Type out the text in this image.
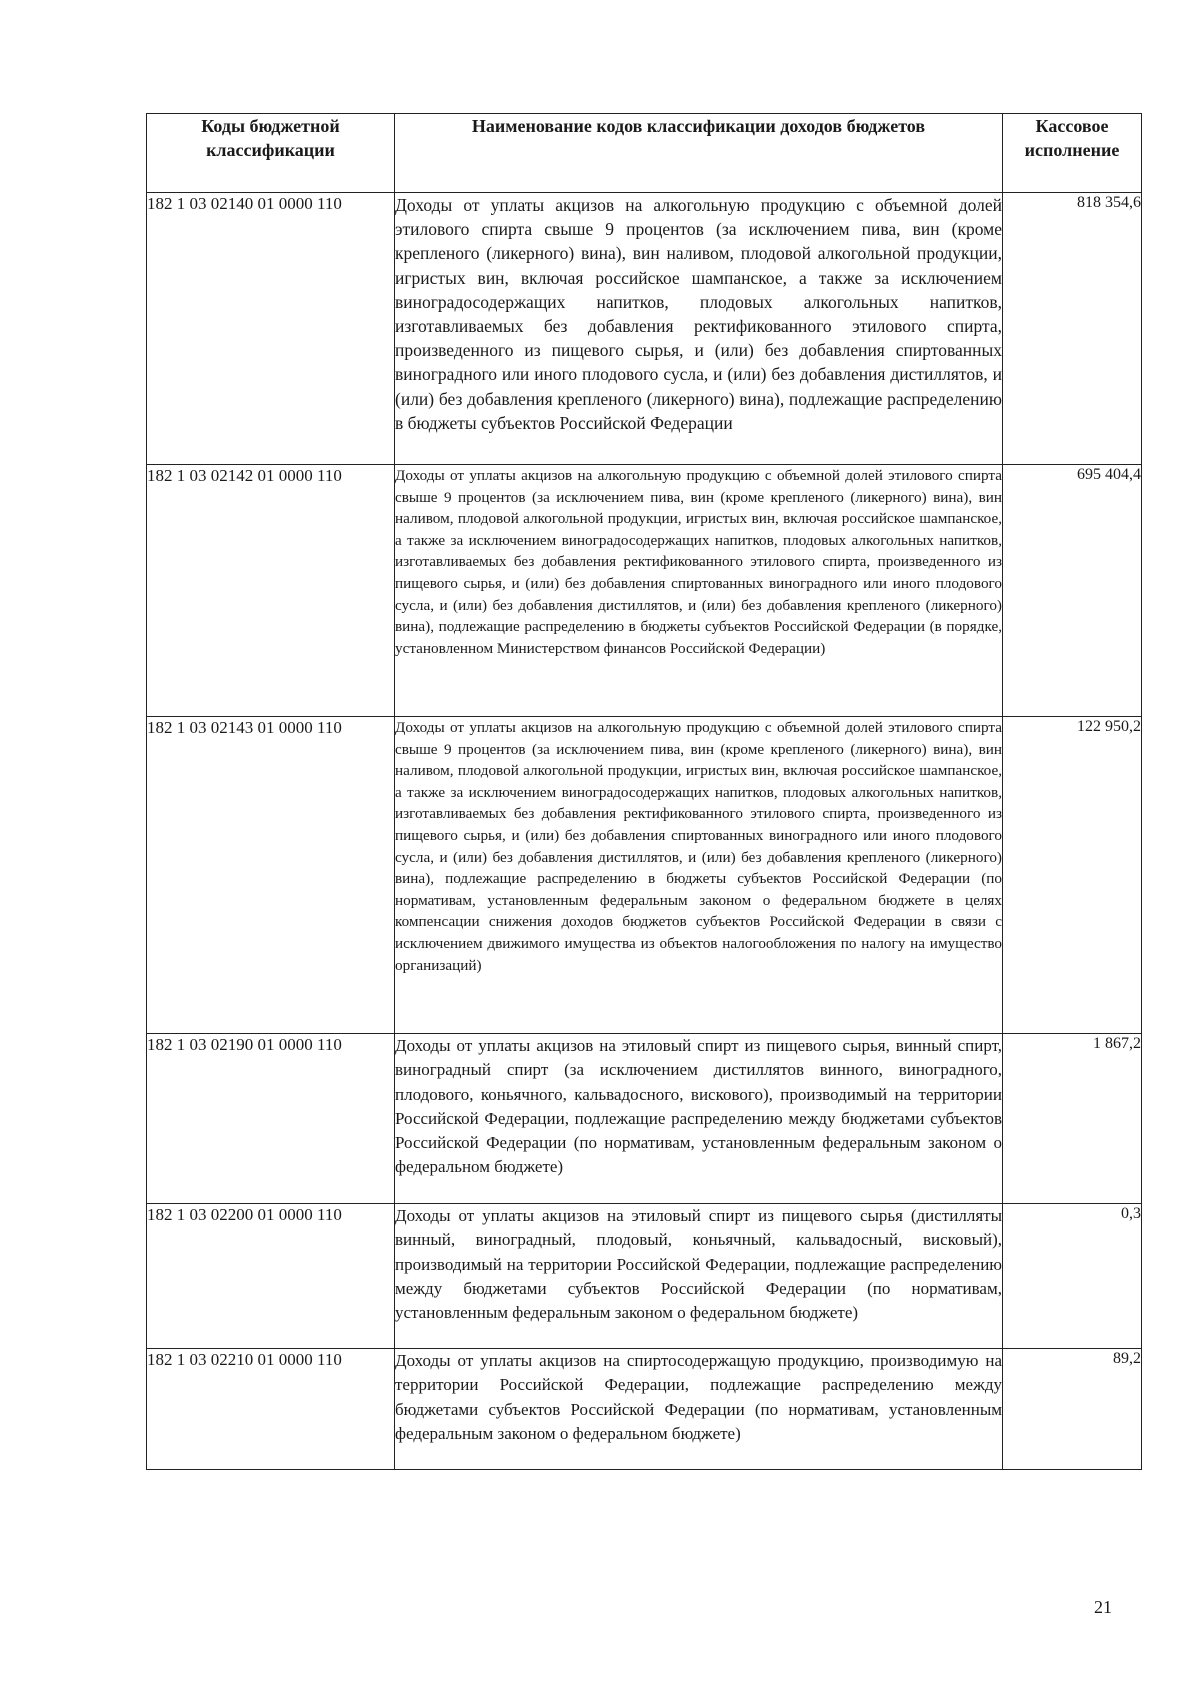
Коды бюджетной классификации	Наименование кодов классификации доходов бюджетов	Кассовое исполнение
182 1 03 02140 01 0000 110	Доходы от уплаты акцизов на алкогольную продукцию с объемной долей этилового спирта свыше 9 процентов (за исключением пива, вин (кроме крепленого (ликерного) вина), вин наливом, плодовой алкогольной продукции, игристых вин, включая российское шампанское, а также за исключением виноградосодержащих напитков, плодовых алкогольных напитков, изготавливаемых без добавления ректификованного этилового спирта, произведенного из пищевого сырья, и (или) без добавления спиртованных виноградного или иного плодового сусла, и (или) без добавления дистиллятов, и (или) без добавления крепленого (ликерного) вина), подлежащие распределению в бюджеты субъектов Российской Федерации	818 354,6
182 1 03 02142 01 0000 110	Доходы от уплаты акцизов на алкогольную продукцию с объемной долей этилового спирта свыше 9 процентов (за исключением пива, вин (кроме крепленого (ликерного) вина), вин наливом, плодовой алкогольной продукции, игристых вин, включая российское шампанское, а также за исключением виноградосодержащих напитков, плодовых алкогольных напитков, изготавливаемых без добавления ректификованного этилового спирта, произведенного из пищевого сырья, и (или) без добавления спиртованных виноградного или иного плодового сусла, и (или) без добавления дистиллятов, и (или) без добавления крепленого (ликерного) вина), подлежащие распределению в бюджеты субъектов Российской Федерации (в порядке, установленном Министерством финансов Российской Федерации)	695 404,4
182 1 03 02143 01 0000 110	Доходы от уплаты акцизов на алкогольную продукцию с объемной долей этилового спирта свыше 9 процентов (за исключением пива, вин (кроме крепленого (ликерного) вина), вин наливом, плодовой алкогольной продукции, игристых вин, включая российское шампанское, а также за исключением виноградосодержащих напитков, плодовых алкогольных напитков, изготавливаемых без добавления ректификованного этилового спирта, произведенного из пищевого сырья, и (или) без добавления спиртованных виноградного или иного плодового сусла, и (или) без добавления дистиллятов, и (или) без добавления крепленого (ликерного) вина), подлежащие распределению в бюджеты субъектов Российской Федерации (по нормативам, установленным федеральным законом о федеральном бюджете в целях компенсации снижения доходов бюджетов субъектов Российской Федерации в связи с исключением движимого имущества из объектов налогообложения по налогу на имущество организаций)	122 950,2
182 1 03 02190 01 0000 110	Доходы от уплаты акцизов на этиловый спирт из пищевого сырья, винный спирт, виноградный спирт (за исключением дистиллятов винного, виноградного, плодового, коньячного, кальвадосного, вискового), производимый на территории Российской Федерации, подлежащие распределению между бюджетами субъектов Российской Федерации (по нормативам, установленным федеральным законом о федеральном бюджете)	1 867,2
182 1 03 02200 01 0000 110	Доходы от уплаты акцизов на этиловый спирт из пищевого сырья (дистилляты винный, виноградный, плодовый, коньячный, кальвадосный, висковый), производимый на территории Российской Федерации, подлежащие распределению между бюджетами субъектов Российской Федерации (по нормативам, установленным федеральным законом о федеральном бюджете)	0,3
182 1 03 02210 01 0000 110	Доходы от уплаты акцизов на спиртосодержащую продукцию, производимую на территории Российской Федерации, подлежащие распределению между бюджетами субъектов Российской Федерации (по нормативам, установленным федеральным законом о федеральном бюджете)	89,2
21
